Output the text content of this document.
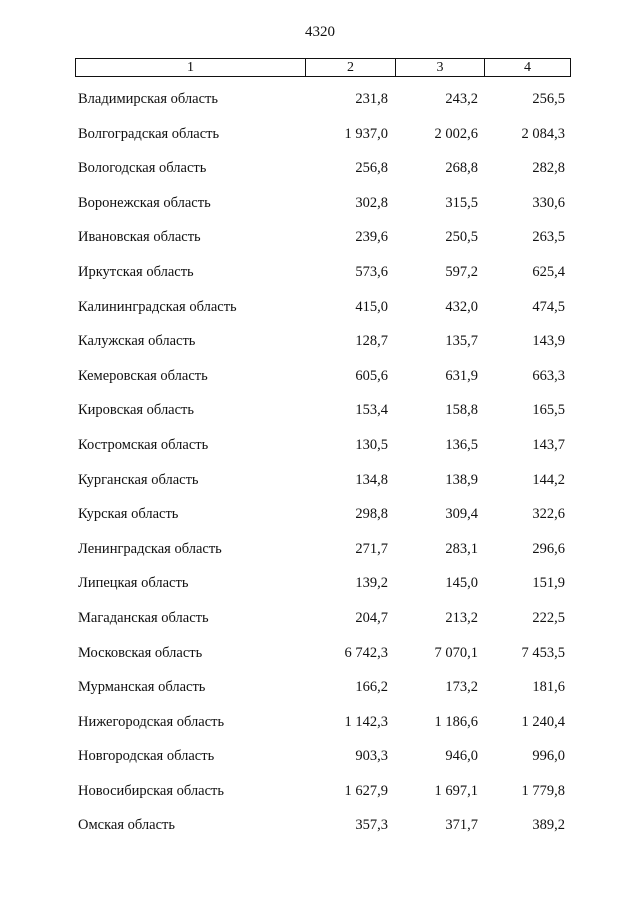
4320
1	2	3	4
Владимирская область	231,8	243,2	256,5
Волгоградская область	1 937,0	2 002,6	2 084,3
Вологодская область	256,8	268,8	282,8
Воронежская область	302,8	315,5	330,6
Ивановская область	239,6	250,5	263,5
Иркутская область	573,6	597,2	625,4
Калининградская область	415,0	432,0	474,5
Калужская область	128,7	135,7	143,9
Кемеровская область	605,6	631,9	663,3
Кировская область	153,4	158,8	165,5
Костромская область	130,5	136,5	143,7
Курганская область	134,8	138,9	144,2
Курская область	298,8	309,4	322,6
Ленинградская область	271,7	283,1	296,6
Липецкая область	139,2	145,0	151,9
Магаданская область	204,7	213,2	222,5
Московская область	6 742,3	7 070,1	7 453,5
Мурманская область	166,2	173,2	181,6
Нижегородская область	1 142,3	1 186,6	1 240,4
Новгородская область	903,3	946,0	996,0
Новосибирская область	1 627,9	1 697,1	1 779,8
Омская область	357,3	371,7	389,2
